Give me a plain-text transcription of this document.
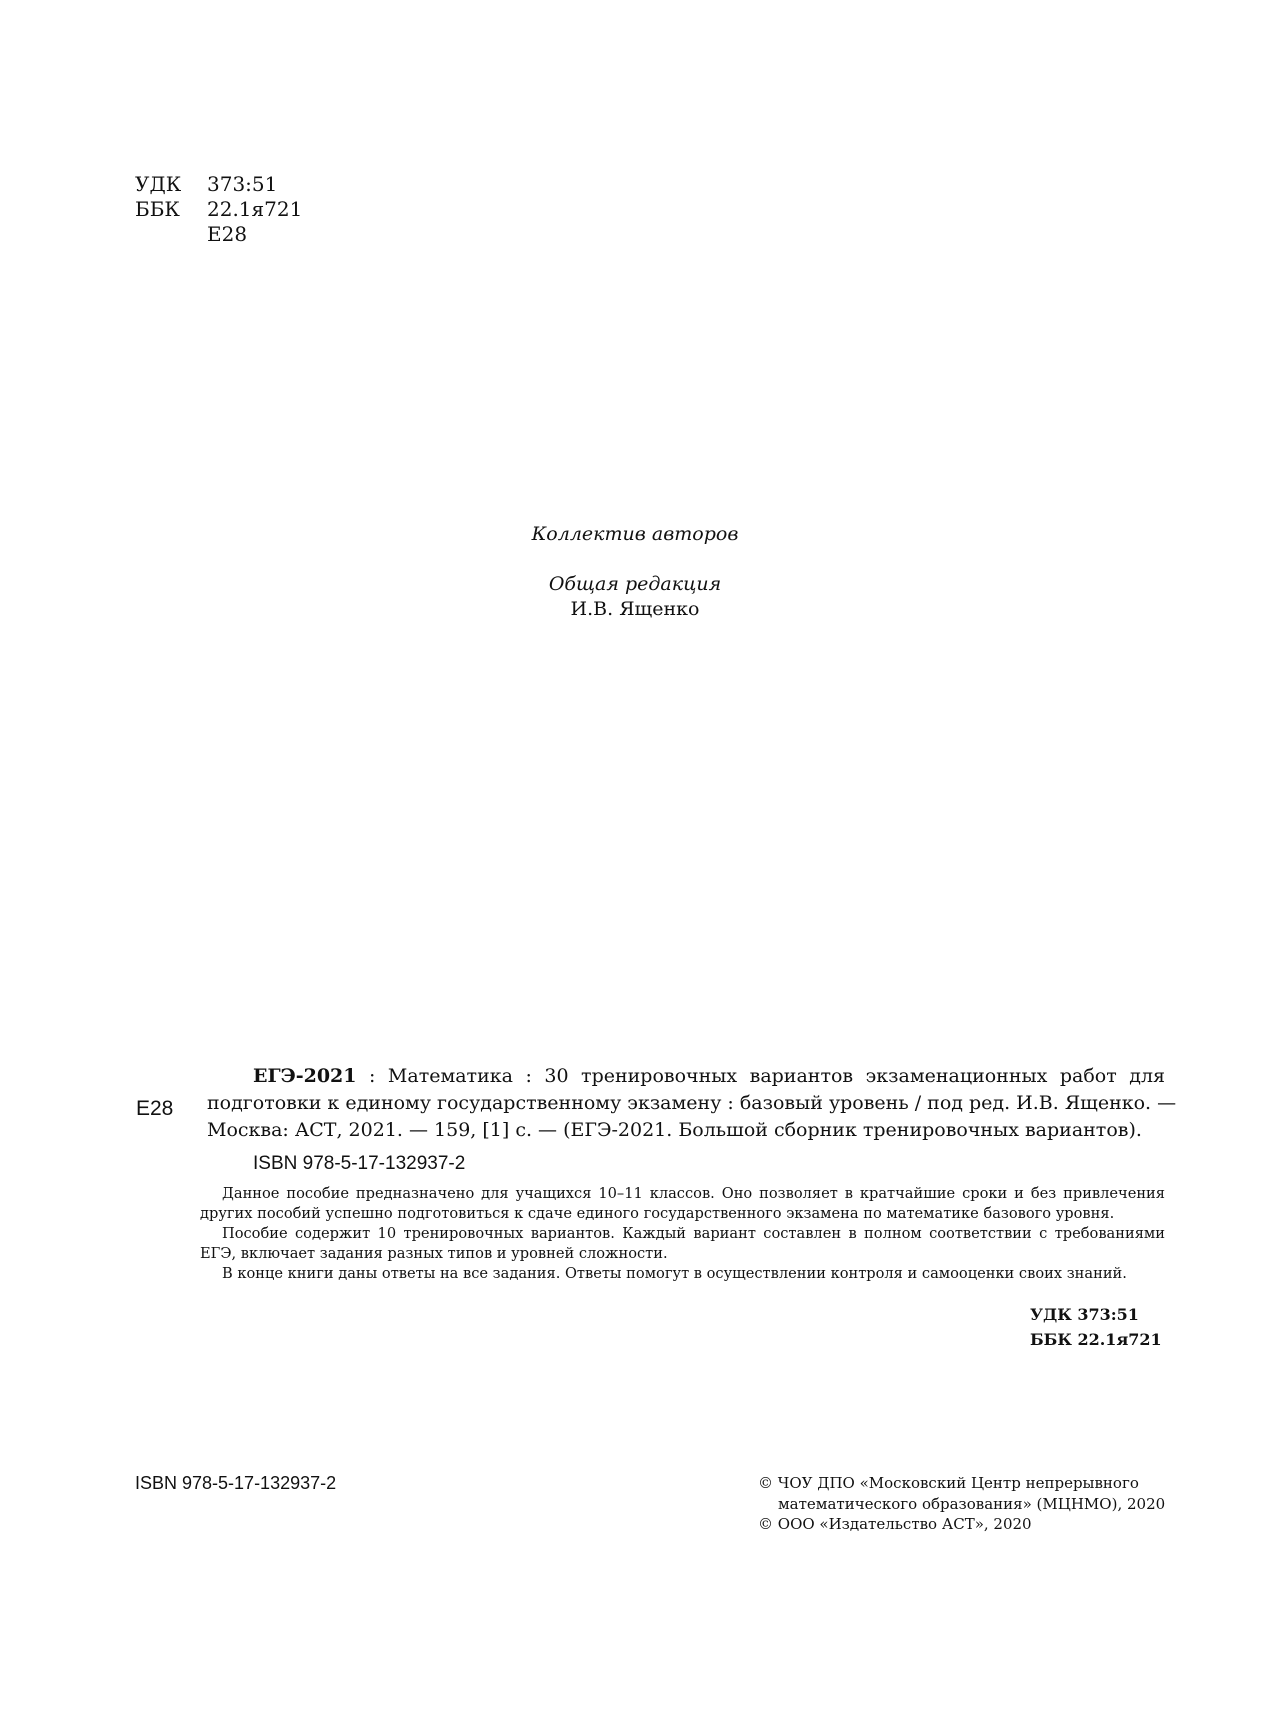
УДК	373:51
ББК	22.1я721
Е28
Коллектив авторов
Общая редакция
И.В. Ященко
Е28
ЕГЭ-2021 : Математика : 30 тренировочных вариантов экзаменационных работ для
подготовки к единому государственному экзамену : базовый уровень / под ред. И.В. Ященко. —
Москва: АСТ, 2021. — 159, [1] с. — (ЕГЭ-2021. Большой сборник тренировочных вариантов).
ISBN 978-5-17-132937-2

Данное пособие предназначено для учащихся 10–11 классов. Оно позволяет в кратчайшие сроки и без привлечения

других пособий успешно подготовиться к сдаче единого государственного экзамена по математике базового уровня.

Пособие содержит 10 тренировочных вариантов. Каждый вариант составлен в полном соответствии с требованиями

ЕГЭ, включает задания разных типов и уровней сложности.

В конце книги даны ответы на все задания. Ответы помогут в осуществлении контроля и самооценки своих знаний.

УДК 373:51
ББК 22.1я721
ISBN 978-5-17-132937-2	© ЧОУ ДПО «Московский Центр непрерывного
математического образования» (МЦНМО), 2020
© ООО «Издательство АСТ», 2020
